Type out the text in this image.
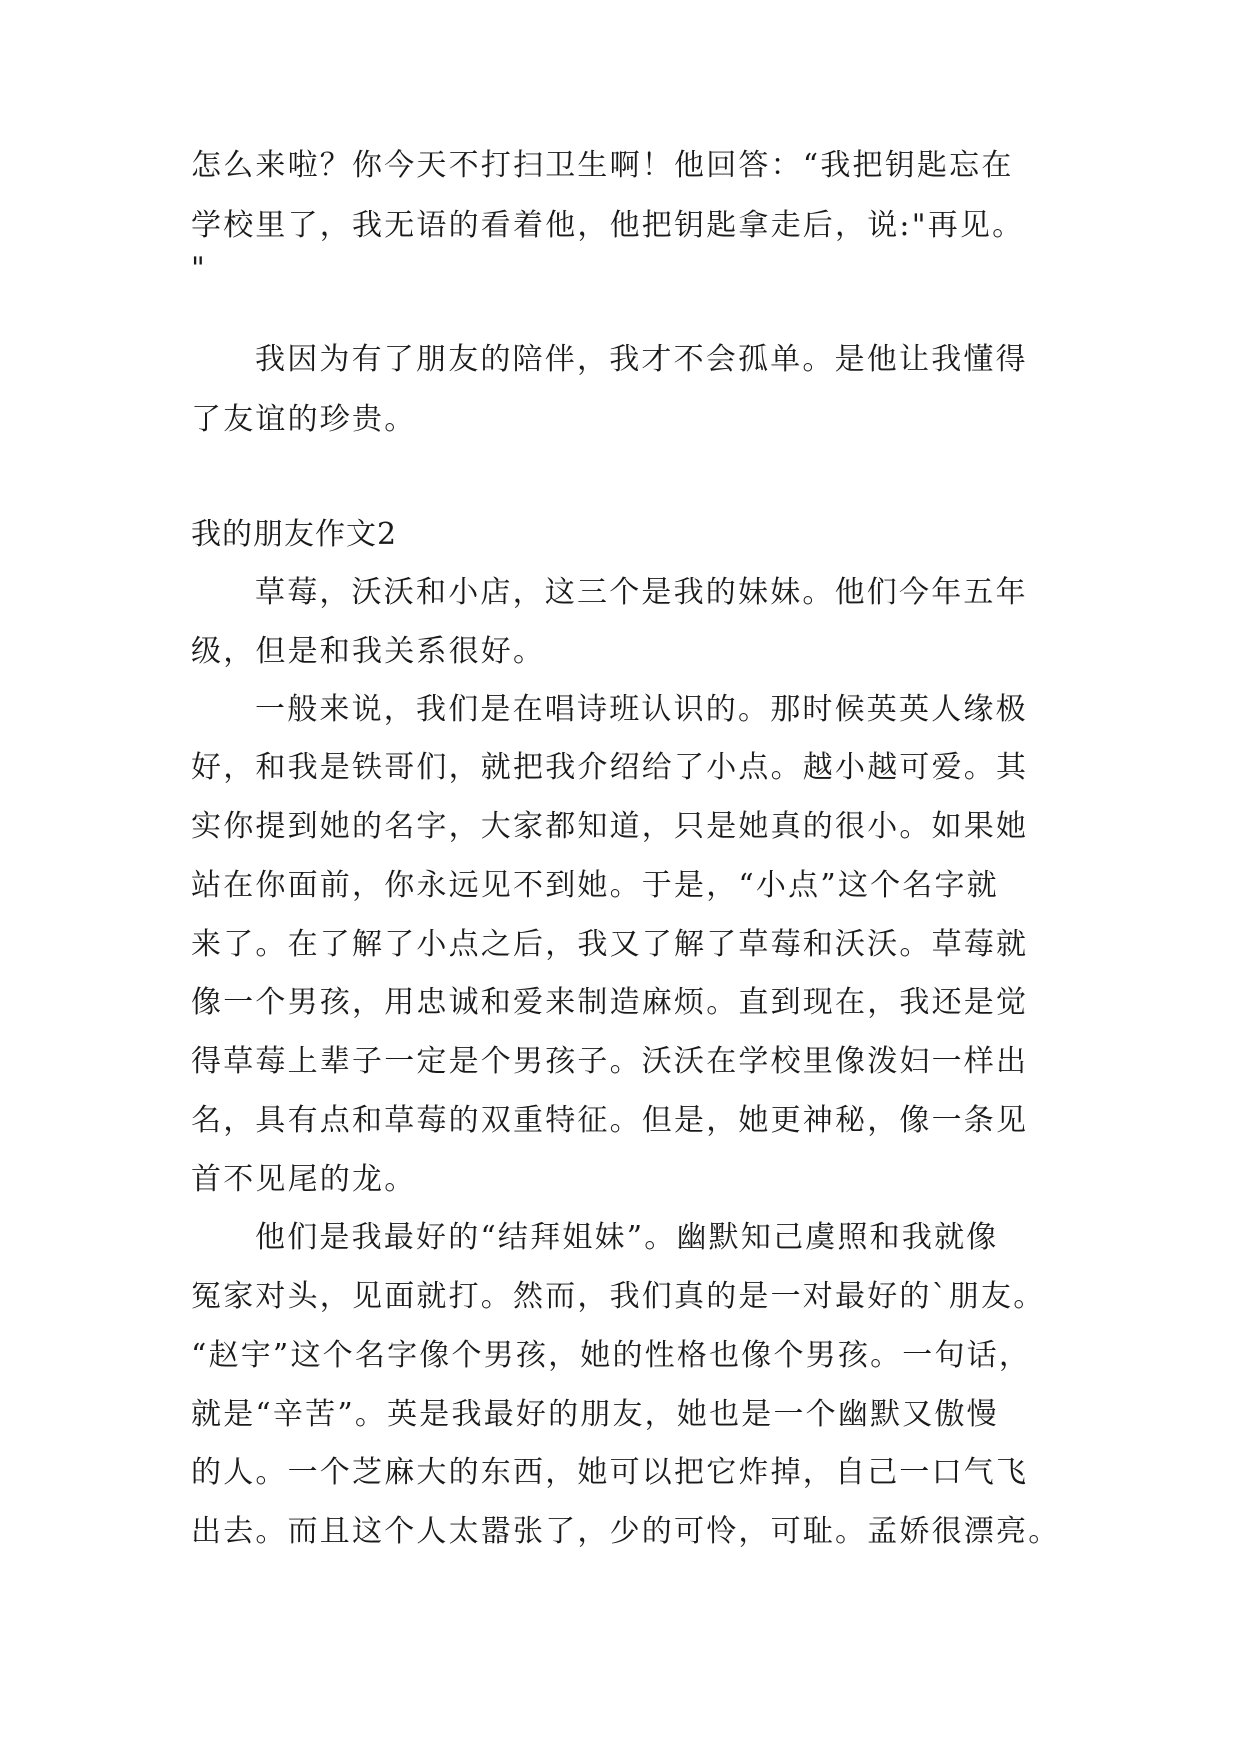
怎么来啦？你今天不打扫卫生啊！他回答：“我把钥匙忘在
学校里了，我无语的看着他，他把钥匙拿走后，说:"再见。
"
我因为有了朋友的陪伴，我才不会孤单。是他让我懂得
了友谊的珍贵。
我的朋友作文2
草莓，沃沃和小店，这三个是我的妹妹。他们今年五年
级，但是和我关系很好。
一般来说，我们是在唱诗班认识的。那时候英英人缘极
好，和我是铁哥们，就把我介绍给了小点。越小越可爱。其
实你提到她的名字，大家都知道，只是她真的很小。如果她
站在你面前，你永远见不到她。于是，“小点”这个名字就
来了。在了解了小点之后，我又了解了草莓和沃沃。草莓就
像一个男孩，用忠诚和爱来制造麻烦。直到现在，我还是觉
得草莓上辈子一定是个男孩子。沃沃在学校里像泼妇一样出
名，具有点和草莓的双重特征。但是，她更神秘，像一条见
首不见尾的龙。
他们是我最好的“结拜姐妹”。幽默知己虞照和我就像
冤家对头，见面就打。然而，我们真的是一对最好的`朋友。
“赵宇”这个名字像个男孩，她的性格也像个男孩。一句话，
就是“辛苦”。英是我最好的朋友，她也是一个幽默又傲慢
的人。一个芝麻大的东西，她可以把它炸掉，自己一口气飞
出去。而且这个人太嚣张了，少的可怜，可耻。孟娇很漂亮。
